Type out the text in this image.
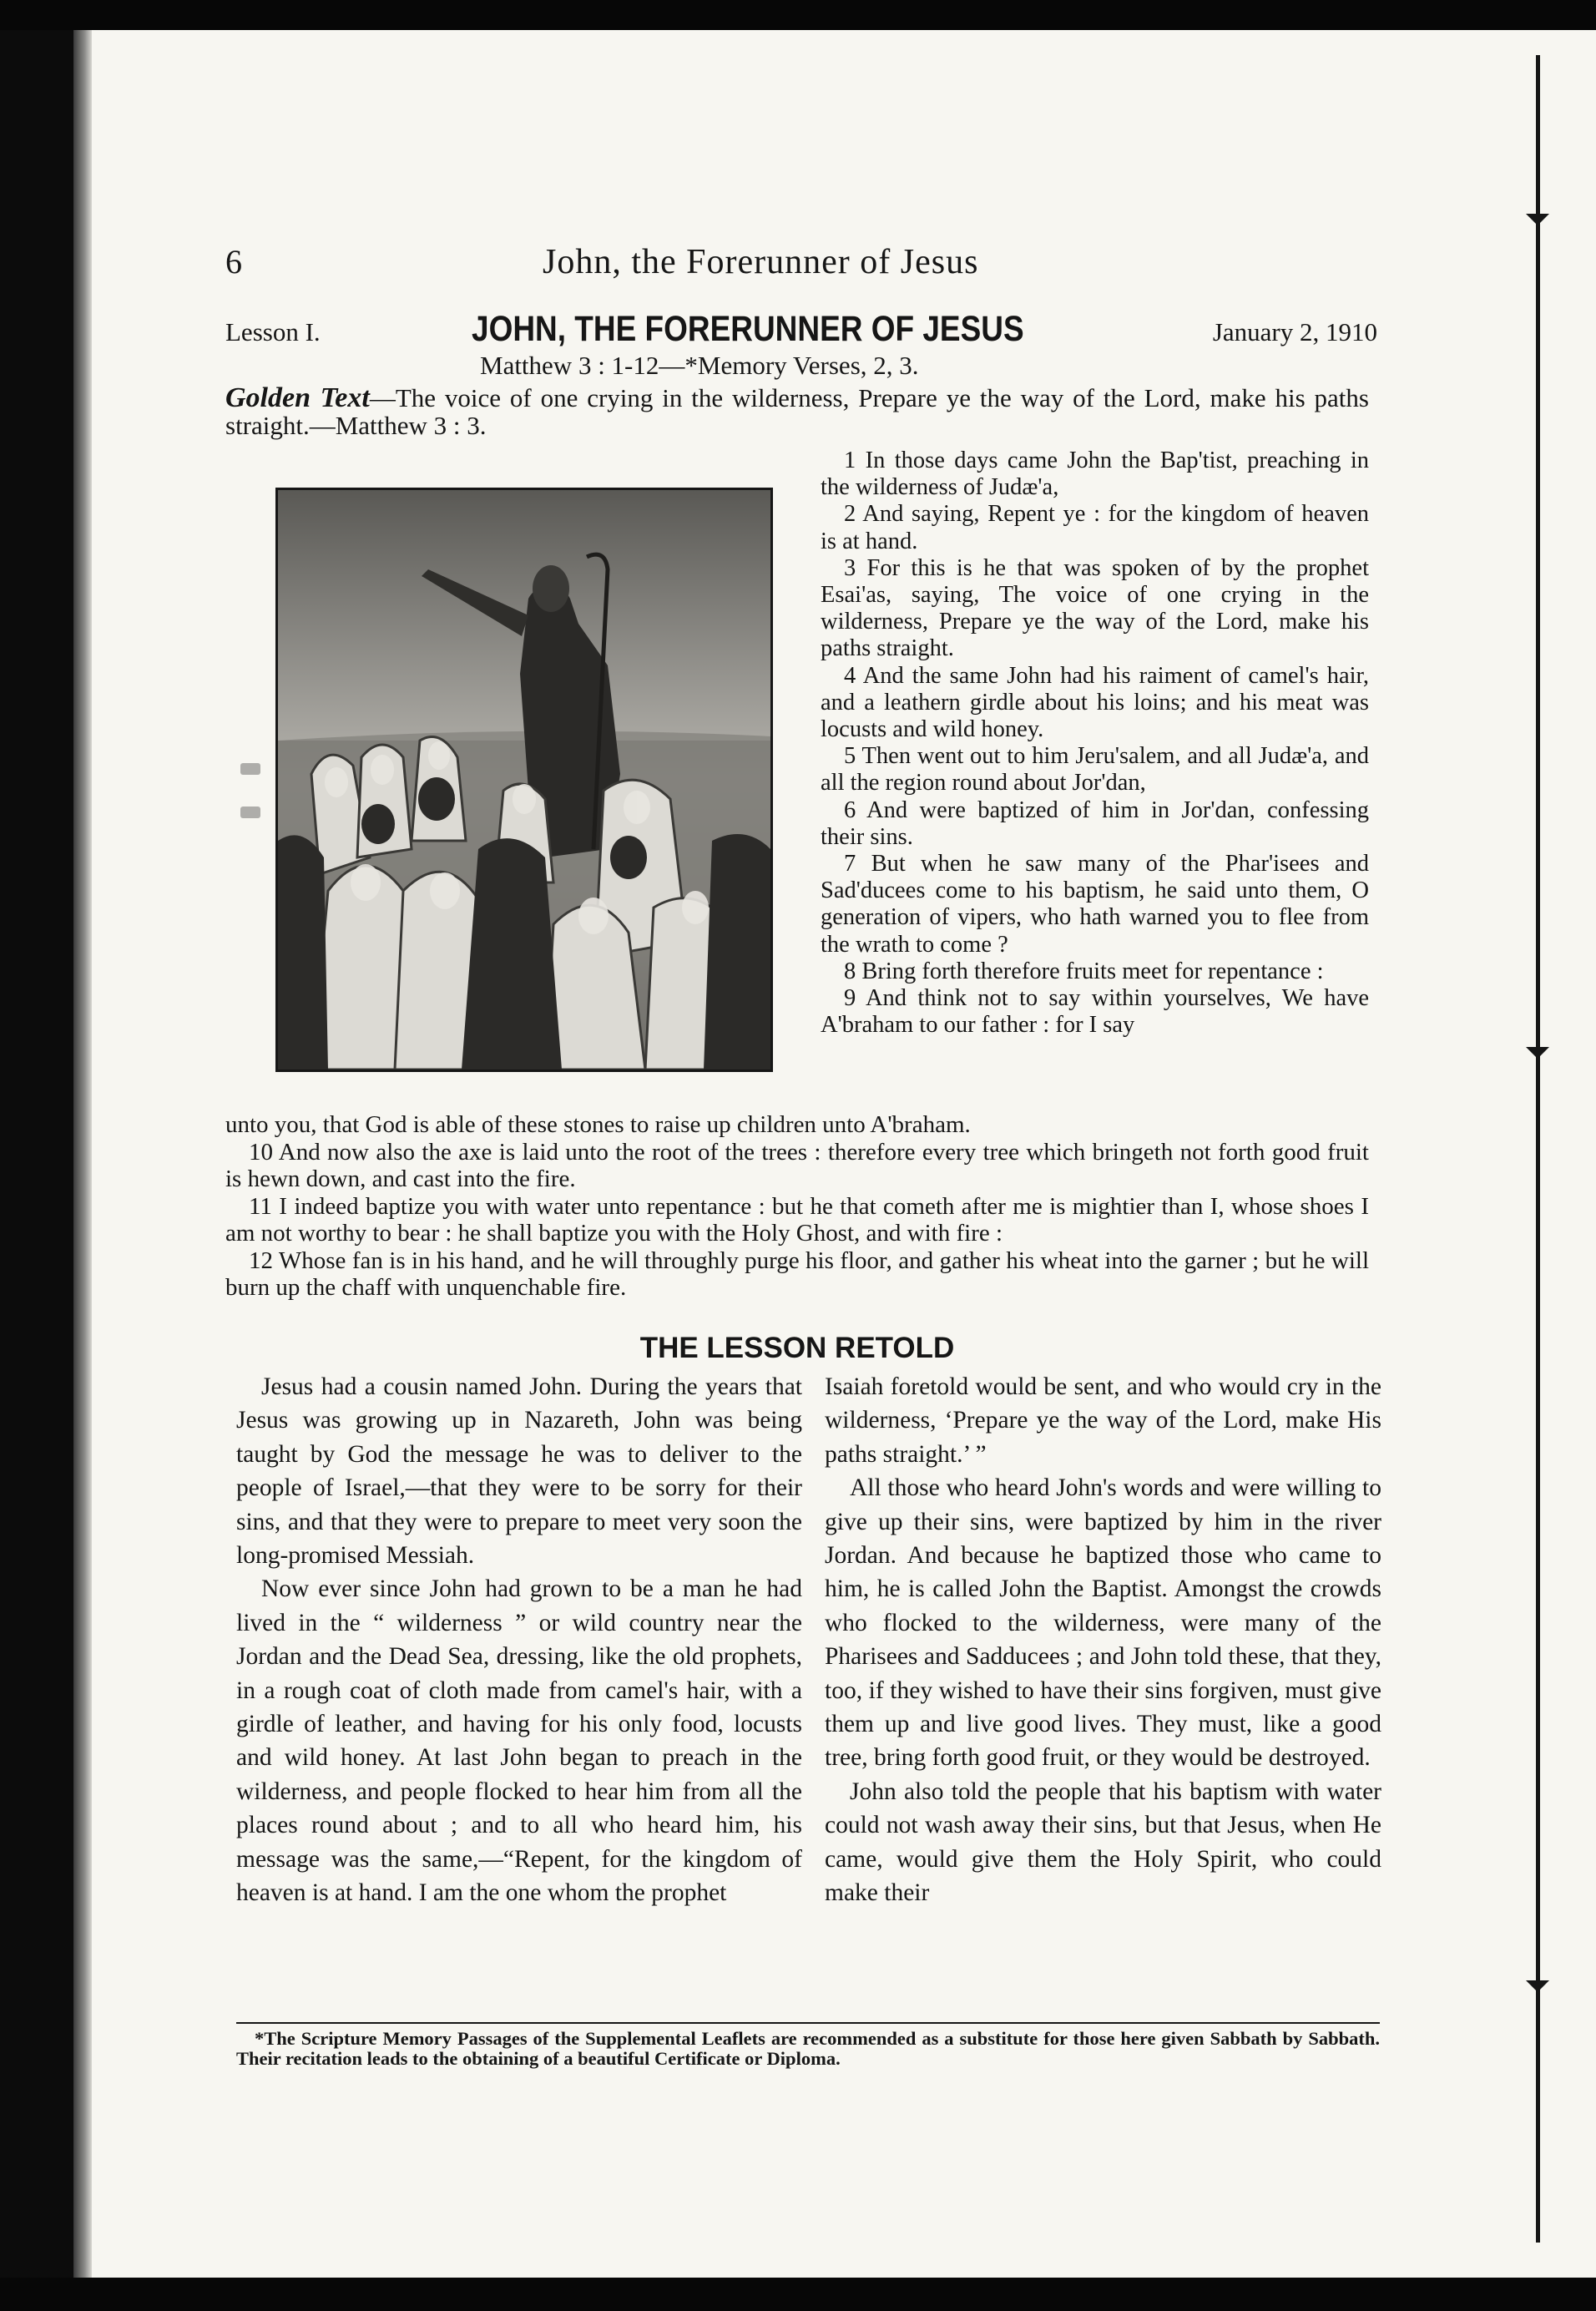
6	John, the Forerunner of Jesus
Lesson I.	JOHN, THE FORERUNNER OF JESUS	January 2, 1910
Matthew 3 : 1-12—*Memory Verses, 2, 3.
Golden Text—The voice of one crying in the wilderness, Prepare ye the way of the Lord, make his paths straight.—Matthew 3 : 3.

1 In those days came John the Bap'tist, preaching in the wilderness of Judæ'a,

2 And saying, Repent ye : for the kingdom of heaven is at hand.

3 For this is he that was spoken of by the prophet Esai'as, saying, The voice of one crying in the wilderness, Prepare ye the way of the Lord, make his paths straight.

4 And the same John had his raiment of camel's hair, and a leathern girdle about his loins; and his meat was locusts and wild honey.

5 Then went out to him Jeru'salem, and all Judæ'a, and all the region round about Jor'dan,

6 And were baptized of him in Jor'dan, confessing their sins.

7 But when he saw many of the Phar'isees and Sad'ducees come to his baptism, he said unto them, O generation of vipers, who hath warned you to flee from the wrath to come ?

8 Bring forth therefore fruits meet for repentance :

9 And think not to say within yourselves, We have A'braham to our father : for I say

unto you, that God is able of these stones to raise up children unto A'braham.

10 And now also the axe is laid unto the root of the trees : therefore every tree which bringeth not forth good fruit is hewn down, and cast into the fire.

11 I indeed baptize you with water unto repentance : but he that cometh after me is mightier than I, whose shoes I am not worthy to bear : he shall baptize you with the Holy Ghost, and with fire :

12 Whose fan is in his hand, and he will throughly purge his floor, and gather his wheat into the garner ; but he will burn up the chaff with unquenchable fire.

THE LESSON RETOLD

Jesus had a cousin named John. During the years that Jesus was growing up in Nazareth, John was being taught by God the message he was to deliver to the people of Israel,—that they were to be sorry for their sins, and that they were to prepare to meet very soon the long-promised Messiah.

Now ever since John had grown to be a man he had lived in the “ wilderness ” or wild country near the Jordan and the Dead Sea, dressing, like the old prophets, in a rough coat of cloth made from camel's hair, with a girdle of leather, and having for his only food, locusts and wild honey. At last John began to preach in the wilderness, and people flocked to hear him from all the places round about ; and to all who heard him, his message was the same,—“Repent, for the kingdom of heaven is at hand. I am the one whom the prophet

Isaiah foretold would be sent, and who would cry in the wilderness, ‘Prepare ye the way of the Lord, make His paths straight.’ ”

All those who heard John's words and were willing to give up their sins, were baptized by him in the river Jordan. And because he baptized those who came to him, he is called John the Baptist. Amongst the crowds who flocked to the wilderness, were many of the Pharisees and Sadducees ; and John told these, that they, too, if they wished to have their sins forgiven, must give them up and live good lives. They must, like a good tree, bring forth good fruit, or they would be destroyed.

John also told the people that his baptism with water could not wash away their sins, but that Jesus, when He came, would give them the Holy Spirit, who could make their

*The Scripture Memory Passages of the Supplemental Leaflets are recommended as a substitute for those here given Sabbath by Sabbath. Their recitation leads to the obtaining of a beautiful Certificate or Diploma.
